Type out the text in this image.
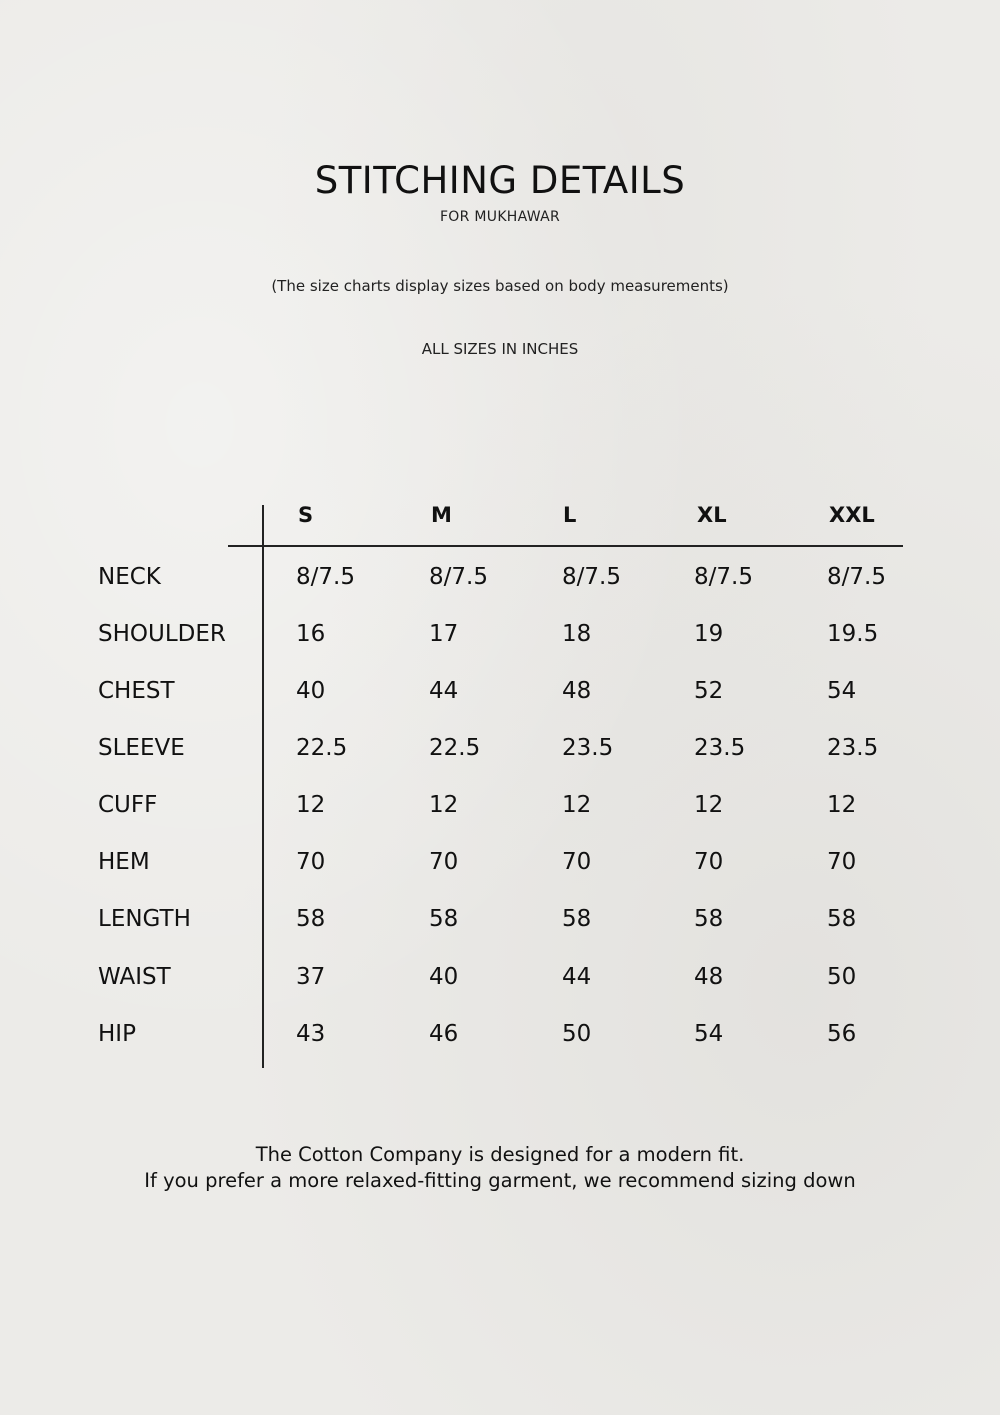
STITCHING DETAILS
FOR MUKHAWAR
(The size charts display sizes based on body measurements)
ALL SIZES IN INCHES
S	M	L	XL	XXL
NECK	8/7.5	8/7.5	8/7.5	8/7.5	8/7.5
SHOULDER	16	17	18	19	19.5
CHEST	40	44	48	52	54
SLEEVE	22.5	22.5	23.5	23.5	23.5
CUFF	12	12	12	12	12
HEM	70	70	70	70	70
LENGTH	58	58	58	58	58
WAIST	37	40	44	48	50
HIP	43	46	50	54	56
The Cotton Company is designed for a modern fit.
If you prefer a more relaxed-fitting garment, we recommend sizing down
